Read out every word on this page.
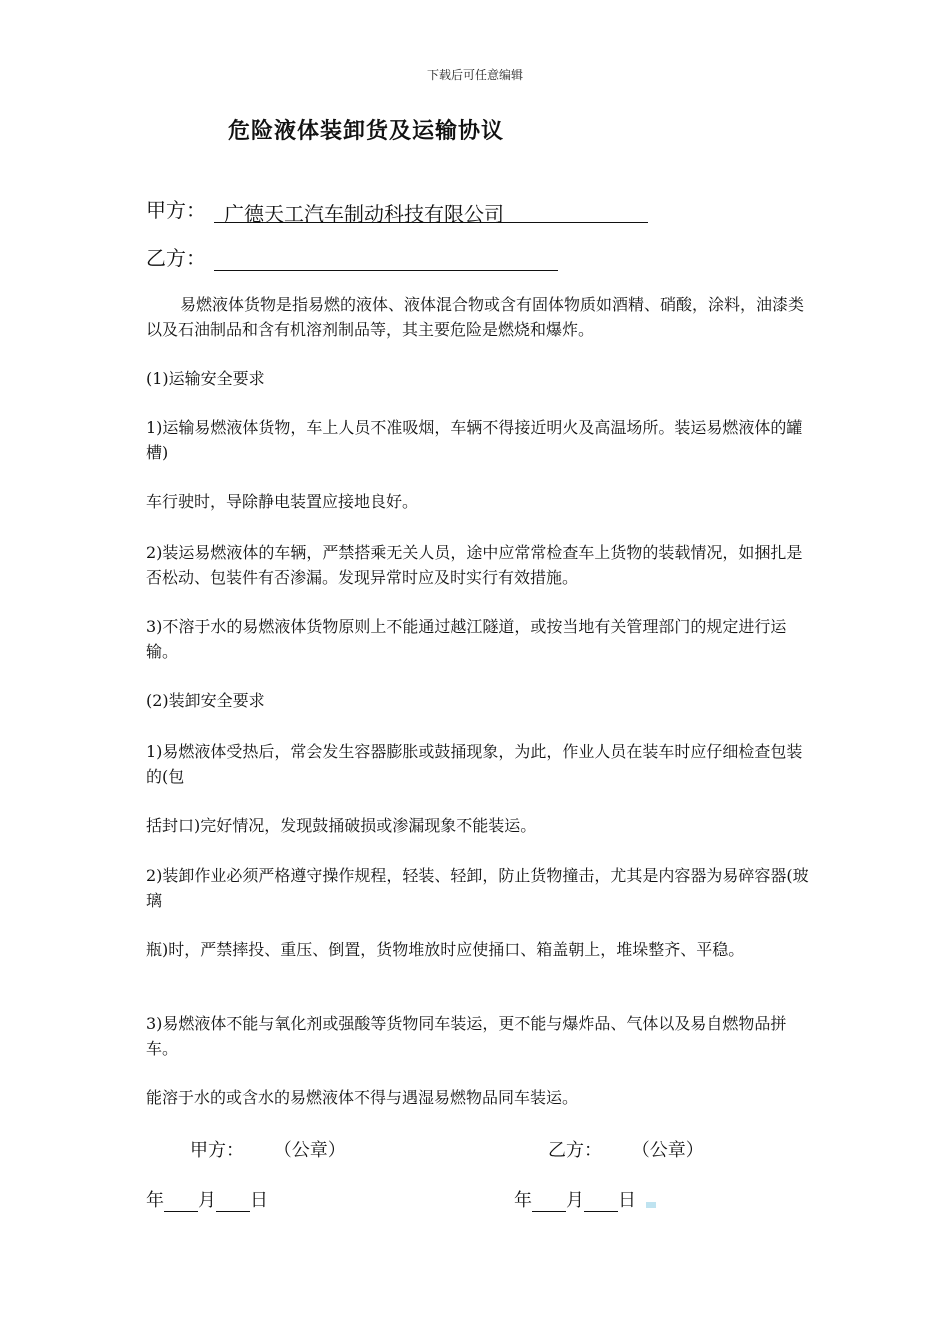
下载后可任意编辑
危险液体装卸货及运输协议
甲方： 广德天工汽车制动科技有限公司
乙方：

易燃液体货物是指易燃的液体、液体混合物或含有固体物质如酒精、硝酸，涂料，油漆类以及石油制品和含有机溶剂制品等，其主要危险是燃烧和爆炸。

(1)运输安全要求

1)运输易燃液体货物，车上人员不准吸烟，车辆不得接近明火及高温场所。装运易燃液体的罐槽)

车行驶时，导除静电装置应接地良好。

2)装运易燃液体的车辆，严禁搭乘无关人员，途中应常常检查车上货物的装载情况，如捆扎是否松动、包装件有否渗漏。发现异常时应及时实行有效措施。

3)不溶于水的易燃液体货物原则上不能通过越江隧道，或按当地有关管理部门的规定进行运输。

(2)装卸安全要求

1)易燃液体受热后，常会发生容器膨胀或鼓捅现象，为此，作业人员在装车时应仔细检查包装的(包

括封口)完好情况，发现鼓捅破损或渗漏现象不能装运。

2)装卸作业必须严格遵守操作规程，轻装、轻卸，防止货物撞击，尤其是内容器为易碎容器(玻璃

瓶)时，严禁摔投、重压、倒置，货物堆放时应使捅口、箱盖朝上，堆垛整齐、平稳。

3)易燃液体不能与氧化剂或强酸等货物同车装运，更不能与爆炸品、气体以及易自燃物品拼车。

能溶于水的或含水的易燃液体不得与遇湿易燃物品同车装运。

甲方： （公章）	乙方： （公章）
年 月 日	年 月 日
